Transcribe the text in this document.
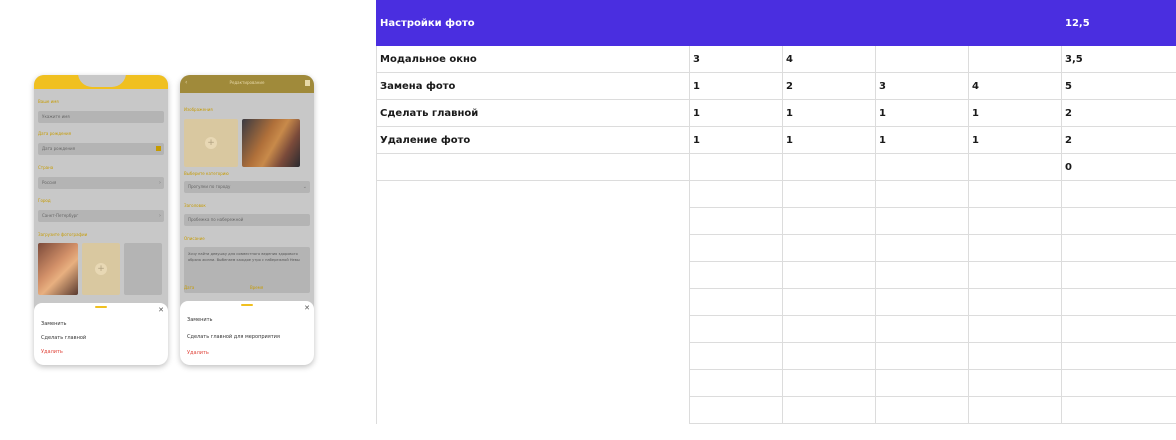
Ваше имя
Укажите имя
Дата рождения
Дата рождения
Страна
Россия	›
Город
Санкт-Петербург	›
Загрузите фотографии
+
✕
Заменить
Сделать главной
Удалить
‹	Редактирование
Изображения
+
Выберите категорию
Прогулки по городу	⌄
Заголовок
Пробежка по набережной
Описание
Хочу найти девушку для совместного ведения здорового образа жизни. Выбегаем каждое утро с набережной Невы
Дата	Время
✕
Заменить
Сделать главной для мероприятия
Удалить
Настройки фото					12,5
Модальное окно	3	4			3,5
Замена фото	1	2	3	4	5
Сделать главной	1	1	1	1	2
Удаление фото	1	1	1	1	2
					0
